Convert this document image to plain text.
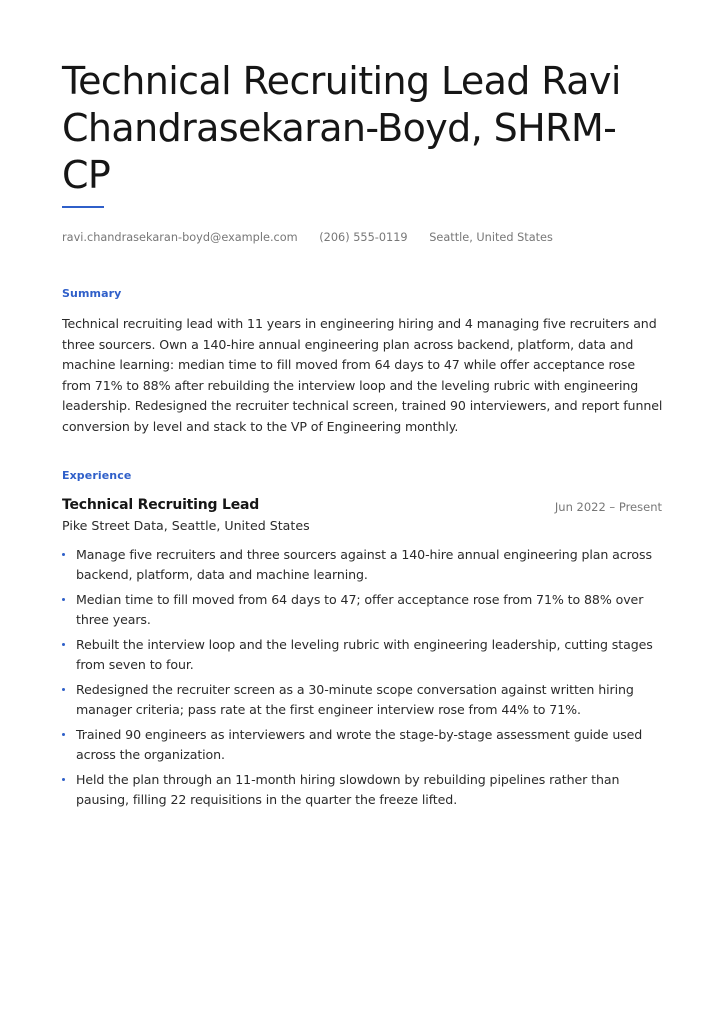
Technical Recruiting Lead Ravi Chandrasekaran-Boyd, SHRM-CP
ravi.chandrasekaran-boyd@example.com (206) 555-0119 Seattle, United States
Summary
Technical recruiting lead with 11 years in engineering hiring and 4 managing five recruiters and three sourcers. Own a 140-hire annual engineering plan across backend, platform, data and machine learning: median time to fill moved from 64 days to 47 while offer acceptance rose from 71% to 88% after rebuilding the interview loop and the leveling rubric with engineering leadership. Redesigned the recruiter technical screen, trained 90 interviewers, and report funnel conversion by level and stack to the VP of Engineering monthly.
Experience
Technical Recruiting Lead	Jun 2022 – Present
Pike Street Data, Seattle, United States
Manage five recruiters and three sourcers against a 140-hire annual engineering plan across backend, platform, data and machine learning.
Median time to fill moved from 64 days to 47; offer acceptance rose from 71% to 88% over three years.
Rebuilt the interview loop and the leveling rubric with engineering leadership, cutting stages from seven to four.
Redesigned the recruiter screen as a 30-minute scope conversation against written hiring manager criteria; pass rate at the first engineer interview rose from 44% to 71%.
Trained 90 engineers as interviewers and wrote the stage-by-stage assessment guide used across the organization.
Held the plan through an 11-month hiring slowdown by rebuilding pipelines rather than pausing, filling 22 requisitions in the quarter the freeze lifted.
